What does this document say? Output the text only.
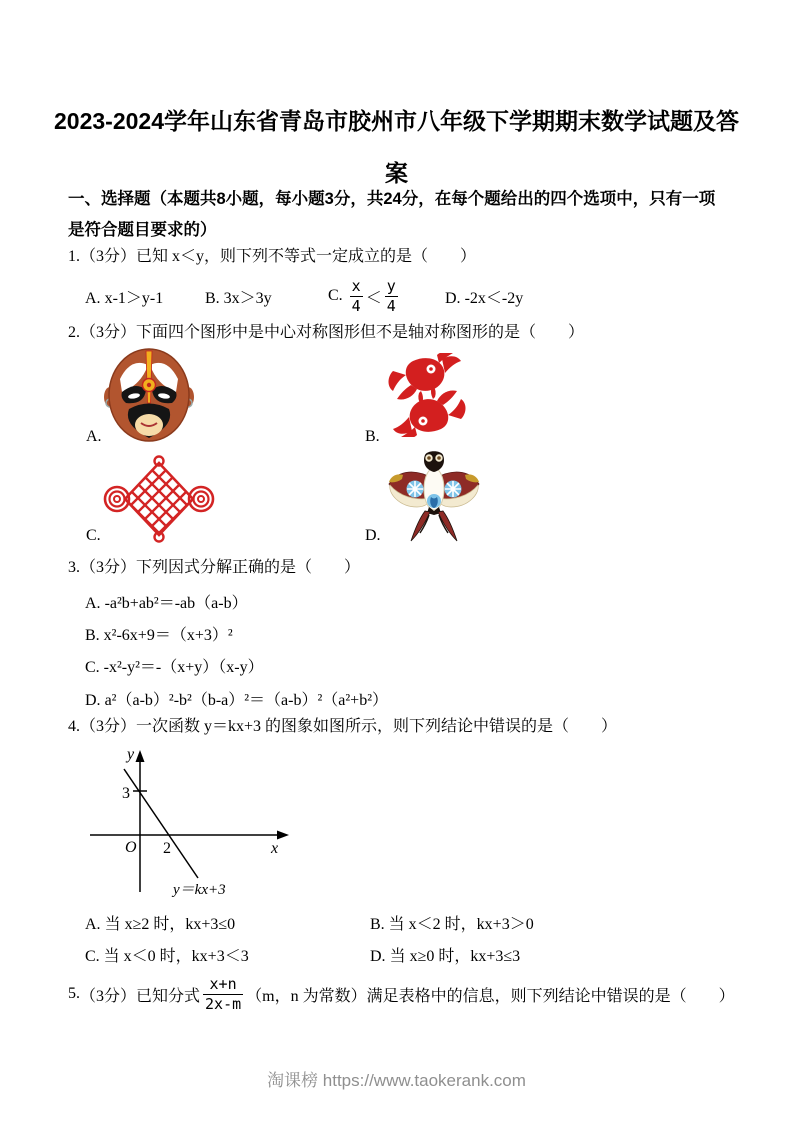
2023-2024学年山东省青岛市胶州市八年级下学期期末数学试题及答案
一、选择题（本题共8小题，每小题3分，共24分，在每个题给出的四个选项中，只有一项是符合题目要求的）
1.（3分）已知 x＜y，则下列不等式一定成立的是（　　）
A. x-1＞y-1	B. 3x＞3y	C.
$\frac{x}{4} < \frac{y}{4}$	D. -2x＜-2y
2.（3分）下面四个图形中是中心对称图形但不是轴对称图形的是（　　）
A.	B.
C.	D.
3.（3分）下列因式分解正确的是（　　）
A. -a²b+ab²＝-ab（a-b）
B. x²-6x+9＝（x+3）²
C. -x²-y²＝-（x+y）（x-y）
D. a²（a-b）²-b²（b-a）²＝（a-b）²（a²+b²）
4.（3分）一次函数 y＝kx+3 的图象如图所示，则下列结论中错误的是（　　）
y
x
O
3
2
y＝kx+3
A. 当 x≥2 时，kx+3≤0	B. 当 x＜2 时，kx+3＞0
C. 当 x＜0 时，kx+3＜3	D. 当 x≥0 时，kx+3≤3
5. （3分）已知分式 $\frac{x+n}{2x-m} (m$，n 为常数）满足表格中的信息，则下列结论中错误的是（　　）
淘课榜 https://www.taokerank.com
